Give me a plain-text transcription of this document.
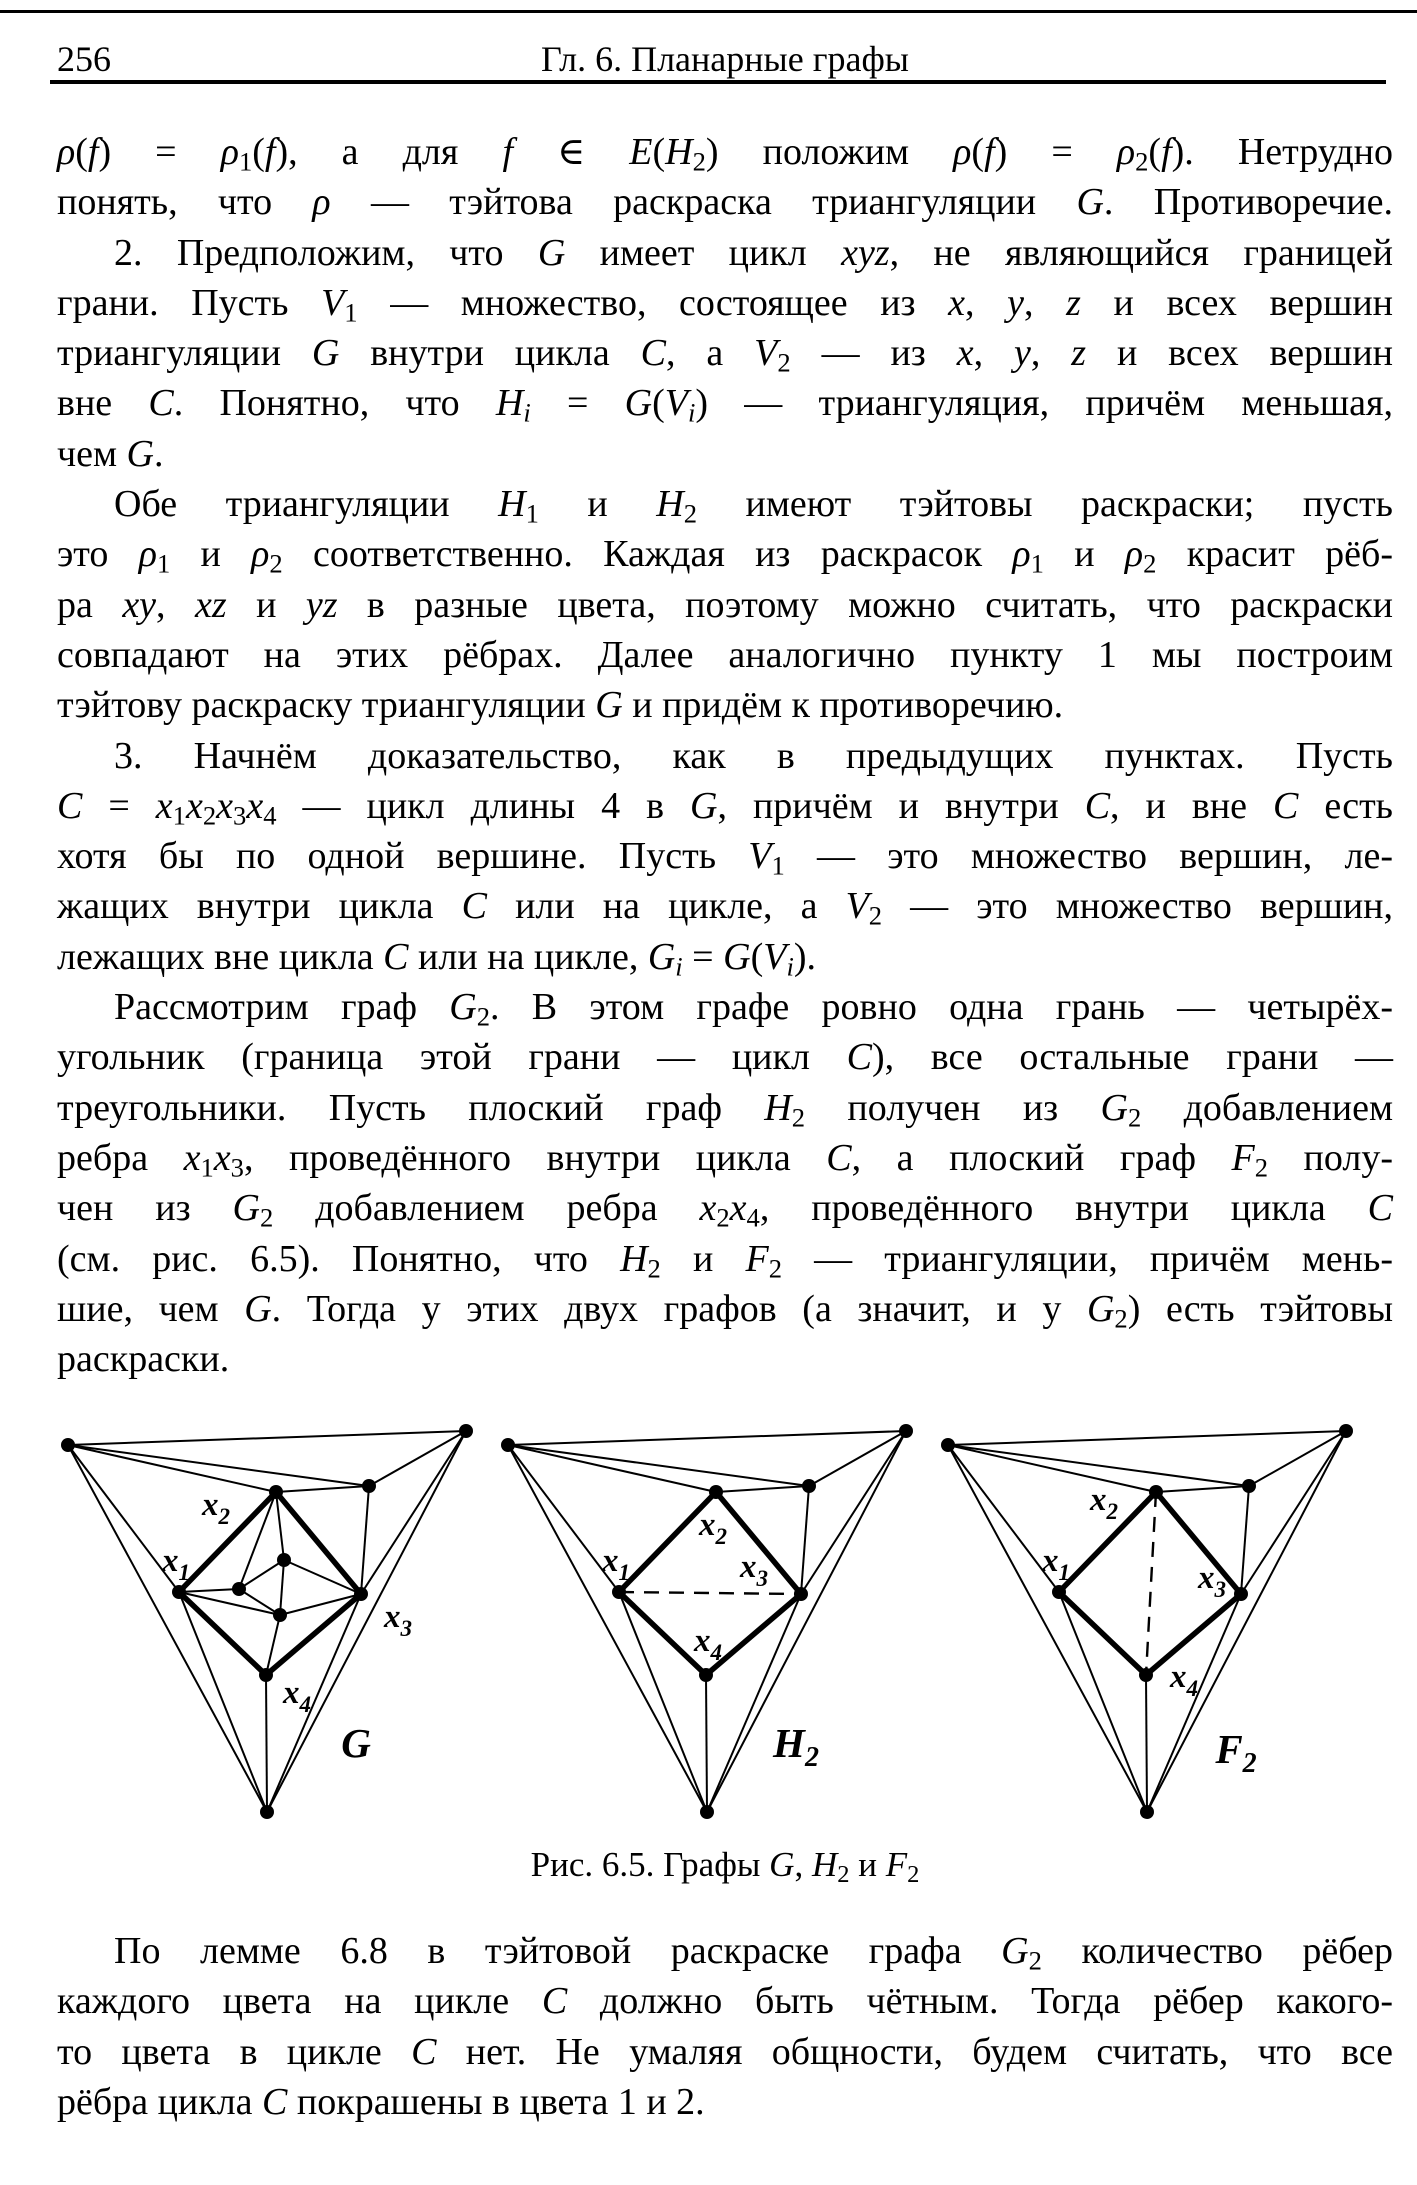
256	Гл. 6. Планарные графы
$\rho(f) = \rho_1(f)$, а для f ∈ $E(H_2)$ положим $\rho(f) = \rho_2(f)$. Нетрудно
понять, что ρ — тэйтова раскраска триангуляции G. Противоречие.
2. Предположим, что G имеет цикл xyz, не являющийся границей
грани. Пусть $V_1$ — множество, состоящее из x, y, z и всех вершин
триангуляции G внутри цикла C, а $V_2$ — из x, y, z и всех вершин
вне C. Понятно, что $H_i = G(V_i)$ — триангуляция, причём меньшая,
чем G.
Обе триангуляции $H_1$ и $H_2$ имеют тэйтовы раскраски; пусть
это $\rho_1$ и $\rho_2$ соответственно. Каждая из раскрасок $\rho_1$ и $\rho_2$ красит рёб-
ра xy, xz и yz в разные цвета, поэтому можно считать, что раскраски
совпадают на этих рёбрах. Далее аналогично пункту 1 мы построим
тэйтову раскраску триангуляции G и придём к противоречию.
3. Начнём доказательство, как в предыдущих пунктах. Пусть
$C = x_1x_2x_3x_4$ — цикл длины 4 в G, причём и внутри C, и вне C есть
хотя бы по одной вершине. Пусть $V_1$ — это множество вершин, ле-
жащих внутри цикла C или на цикле, а $V_2$ — это множество вершин,
лежащих вне цикла C или на цикле, $G_i = G(V_i)$.
Рассмотрим граф $G_2$. В этом графе ровно одна грань — четырёх-
угольник (граница этой грани — цикл C), все остальные грани —
треугольники. Пусть плоский граф $H_2$ получен из $G_2$ добавлением
ребра $x_1x_3$, проведённого внутри цикла C, а плоский граф $F_2$ полу-
чен из $G_2$ добавлением ребра $x_2x_4$, проведённого внутри цикла C
(см. рис. 6.5). Понятно, что $H_2$ и $F_2$ — триангуляции, причём мень-
шие, чем G. Тогда у этих двух графов (а значит, и у $G_2$) есть тэйтовы
раскраски.
$x_1$
$x_2$
$x_3$
$x_4$
G
$x_1$
$x_2$
$x_3$
$x_4$
$H_2$
$x_1$
$x_2$
$x_3$
$x_4$
$F_2$
Рис. 6.5. Графы G, $H_2$ и $F_2$
По лемме 6.8 в тэйтовой раскраске графа $G_2$ количество рёбер
каждого цвета на цикле C должно быть чётным. Тогда рёбер какого-
то цвета в цикле C нет. Не умаляя общности, будем считать, что все
рёбра цикла C покрашены в цвета 1 и 2.
